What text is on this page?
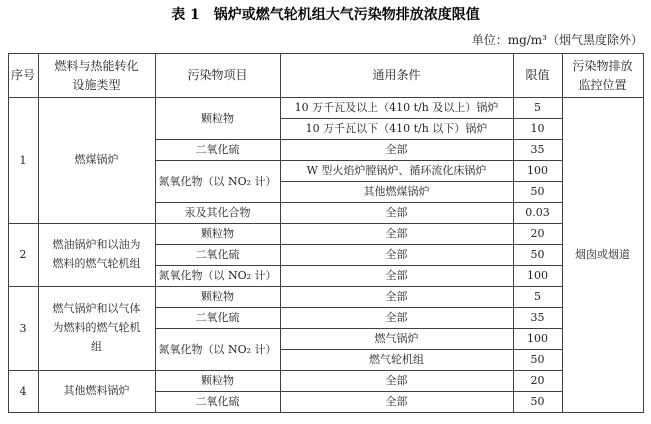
表 1　锅炉或燃气轮机组大气污染物排放浓度限值
单位：mg/m³（烟气黑度除外）
序号	燃料与热能转化设施类型	污染物项目	通用条件	限值	污染物排放监控位置
1	燃煤锅炉	颗粒物	10 万千瓦及以上（410 t/h 及以上）锅炉	5	烟囱或烟道
			10 万千瓦以下（410 t/h 以下）锅炉	10	
		二氧化硫	全部	35	
		氮氧化物（以 NO₂ 计）	W 型火焰炉膛锅炉、循环流化床锅炉	100	
			其他燃煤锅炉	50	
		汞及其化合物	全部	0.03	
2	燃油锅炉和以油为燃料的燃气轮机组	颗粒物	全部	20	
		二氧化硫	全部	50	
		氮氧化物（以 NO₂ 计）	全部	100	
3	燃气锅炉和以气体为燃料的燃气轮机组	颗粒物	全部	5	
		二氧化硫	全部	35	
		氮氧化物（以 NO₂ 计）	燃气锅炉	100	
			燃气轮机组	50	
4	其他燃料锅炉	颗粒物	全部	20	
		二氧化硫	全部	50	
